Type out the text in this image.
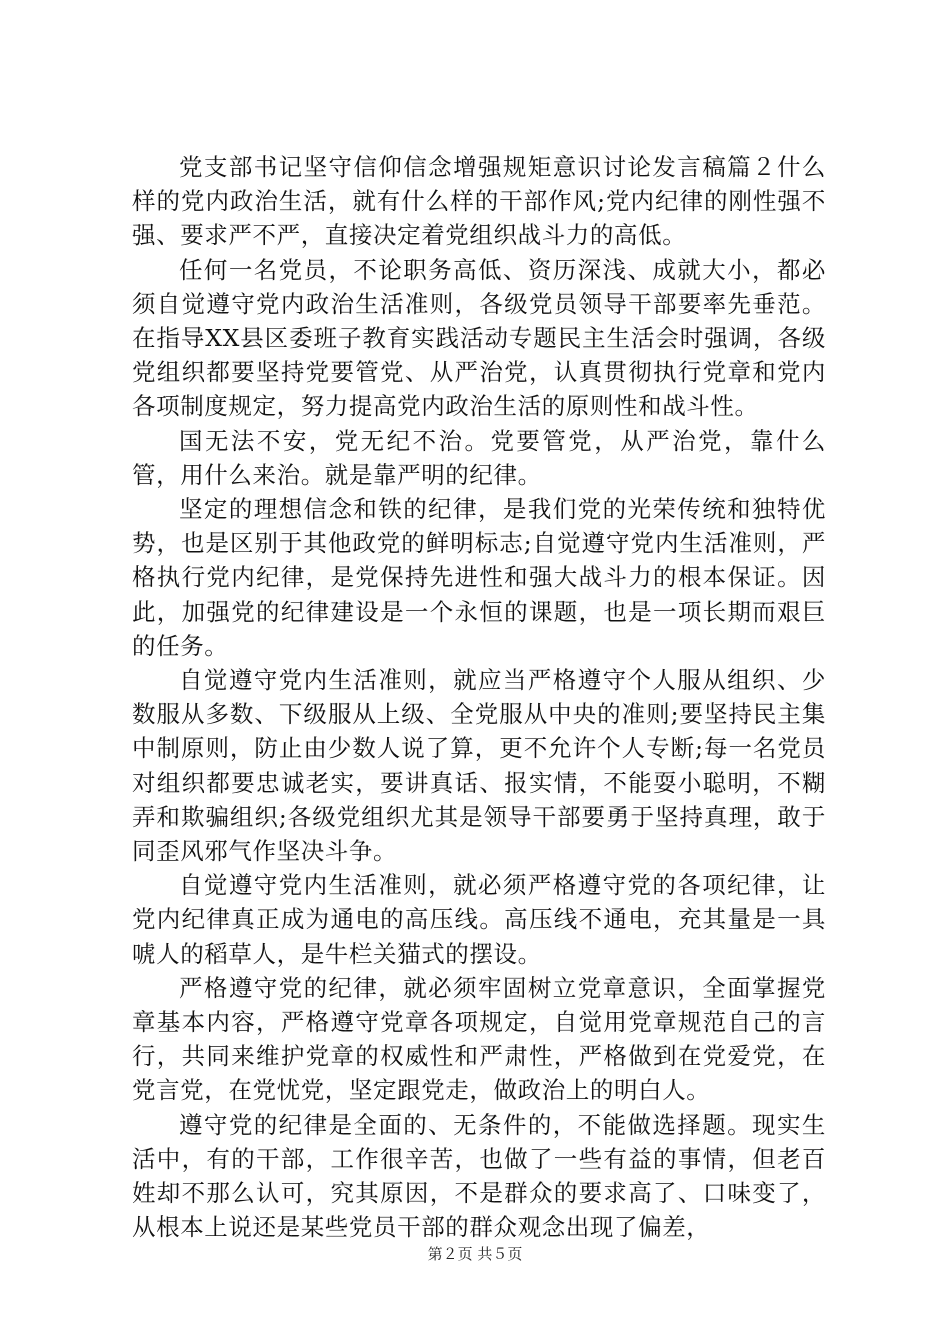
党支部书记坚守信仰信念增强规矩意识讨论发言稿篇２什么样的党内政治生活，就有什么样的干部作风;党内纪律的刚性强不强、要求严不严，直接决定着党组织战斗力的高低。

任何一名党员，不论职务高低、资历深浅、成就大小，都必须自觉遵守党内政治生活准则，各级党员领导干部要率先垂范。在指导XX县区委班子教育实践活动专题民主生活会时强调，各级党组织都要坚持党要管党、从严治党，认真贯彻执行党章和党内各项制度规定，努力提高党内政治生活的原则性和战斗性。

国无法不安，党无纪不治。党要管党，从严治党，靠什么管，用什么来治。就是靠严明的纪律。

坚定的理想信念和铁的纪律，是我们党的光荣传统和独特优势，也是区别于其他政党的鲜明标志;自觉遵守党内生活准则，严格执行党内纪律，是党保持先进性和强大战斗力的根本保证。因此，加强党的纪律建设是一个永恒的课题，也是一项长期而艰巨的任务。

自觉遵守党内生活准则，就应当严格遵守个人服从组织、少数服从多数、下级服从上级、全党服从中央的准则;要坚持民主集中制原则，防止由少数人说了算，更不允许个人专断;每一名党员对组织都要忠诚老实，要讲真话、报实情，不能耍小聪明，不糊弄和欺骗组织;各级党组织尤其是领导干部要勇于坚持真理，敢于同歪风邪气作坚决斗争。

自觉遵守党内生活准则，就必须严格遵守党的各项纪律，让党内纪律真正成为通电的高压线。高压线不通电，充其量是一具唬人的稻草人，是牛栏关猫式的摆设。

严格遵守党的纪律，就必须牢固树立党章意识，全面掌握党章基本内容，严格遵守党章各项规定，自觉用党章规范自己的言行，共同来维护党章的权威性和严肃性，严格做到在党爱党，在党言党，在党忧党，坚定跟党走，做政治上的明白人。

遵守党的纪律是全面的、无条件的，不能做选择题。现实生活中，有的干部，工作很辛苦，也做了一些有益的事情，但老百姓却不那么认可，究其原因，不是群众的要求高了、口味变了，从根本上说还是某些党员干部的群众观念出现了偏差，

第２页 共５页
